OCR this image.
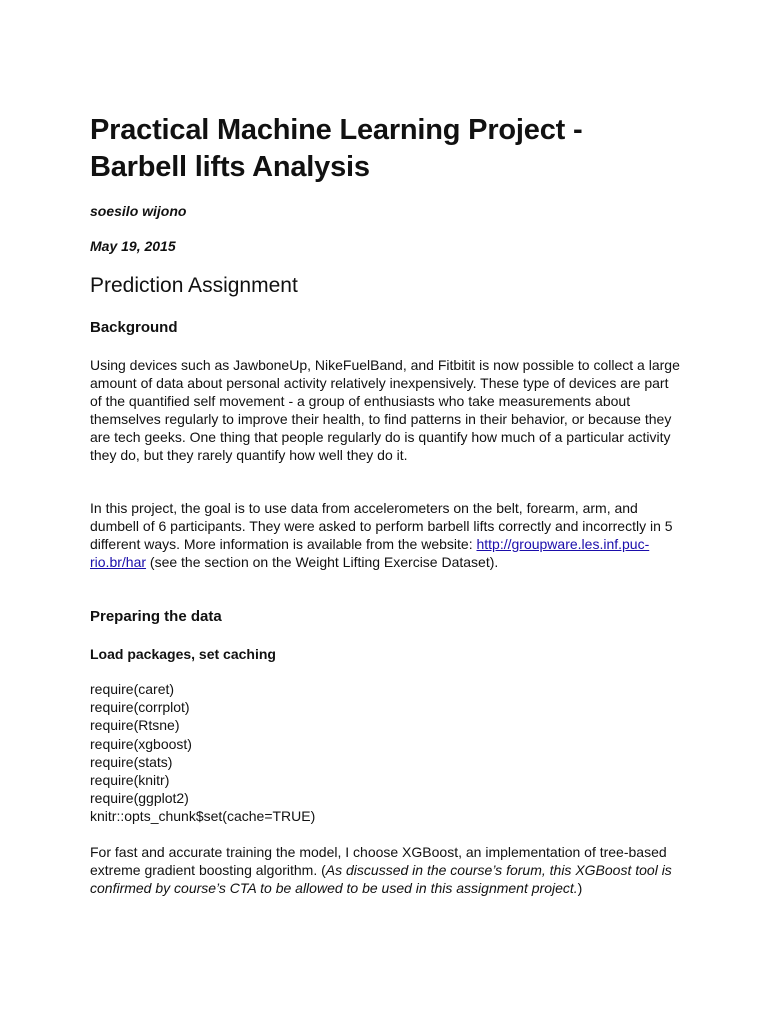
Practical Machine Learning Project -
Barbell lifts Analysis

soesilo wijono

May 19, 2015

Prediction Assignment
Background

Using devices such as JawboneUp, NikeFuelBand, and Fitbitit is now possible to collect a large amount of data about personal activity relatively inexpensively. These type of devices are part of the quantified self movement - a group of enthusiasts who take measurements about themselves regularly to improve their health, to find patterns in their behavior, or because they are tech geeks. One thing that people regularly do is quantify how much of a particular activity they do, but they rarely quantify how well they do it.

In this project, the goal is to use data from accelerometers on the belt, forearm, arm, and dumbell of 6 participants. They were asked to perform barbell lifts correctly and incorrectly in 5 different ways. More information is available from the website: http://groupware.les.inf.puc-rio.br/har (see the section on the Weight Lifting Exercise Dataset).

Preparing the data
Load packages, set caching
require(caret)
require(corrplot)
require(Rtsne)
require(xgboost)
require(stats)
require(knitr)
require(ggplot2)
knitr::opts_chunk$set(cache=TRUE)

For fast and accurate training the model, I choose XGBoost, an implementation of tree-based extreme gradient boosting algorithm. (As discussed in the course’s forum, this XGBoost tool is confirmed by course’s CTA to be allowed to be used in this assignment project.)
